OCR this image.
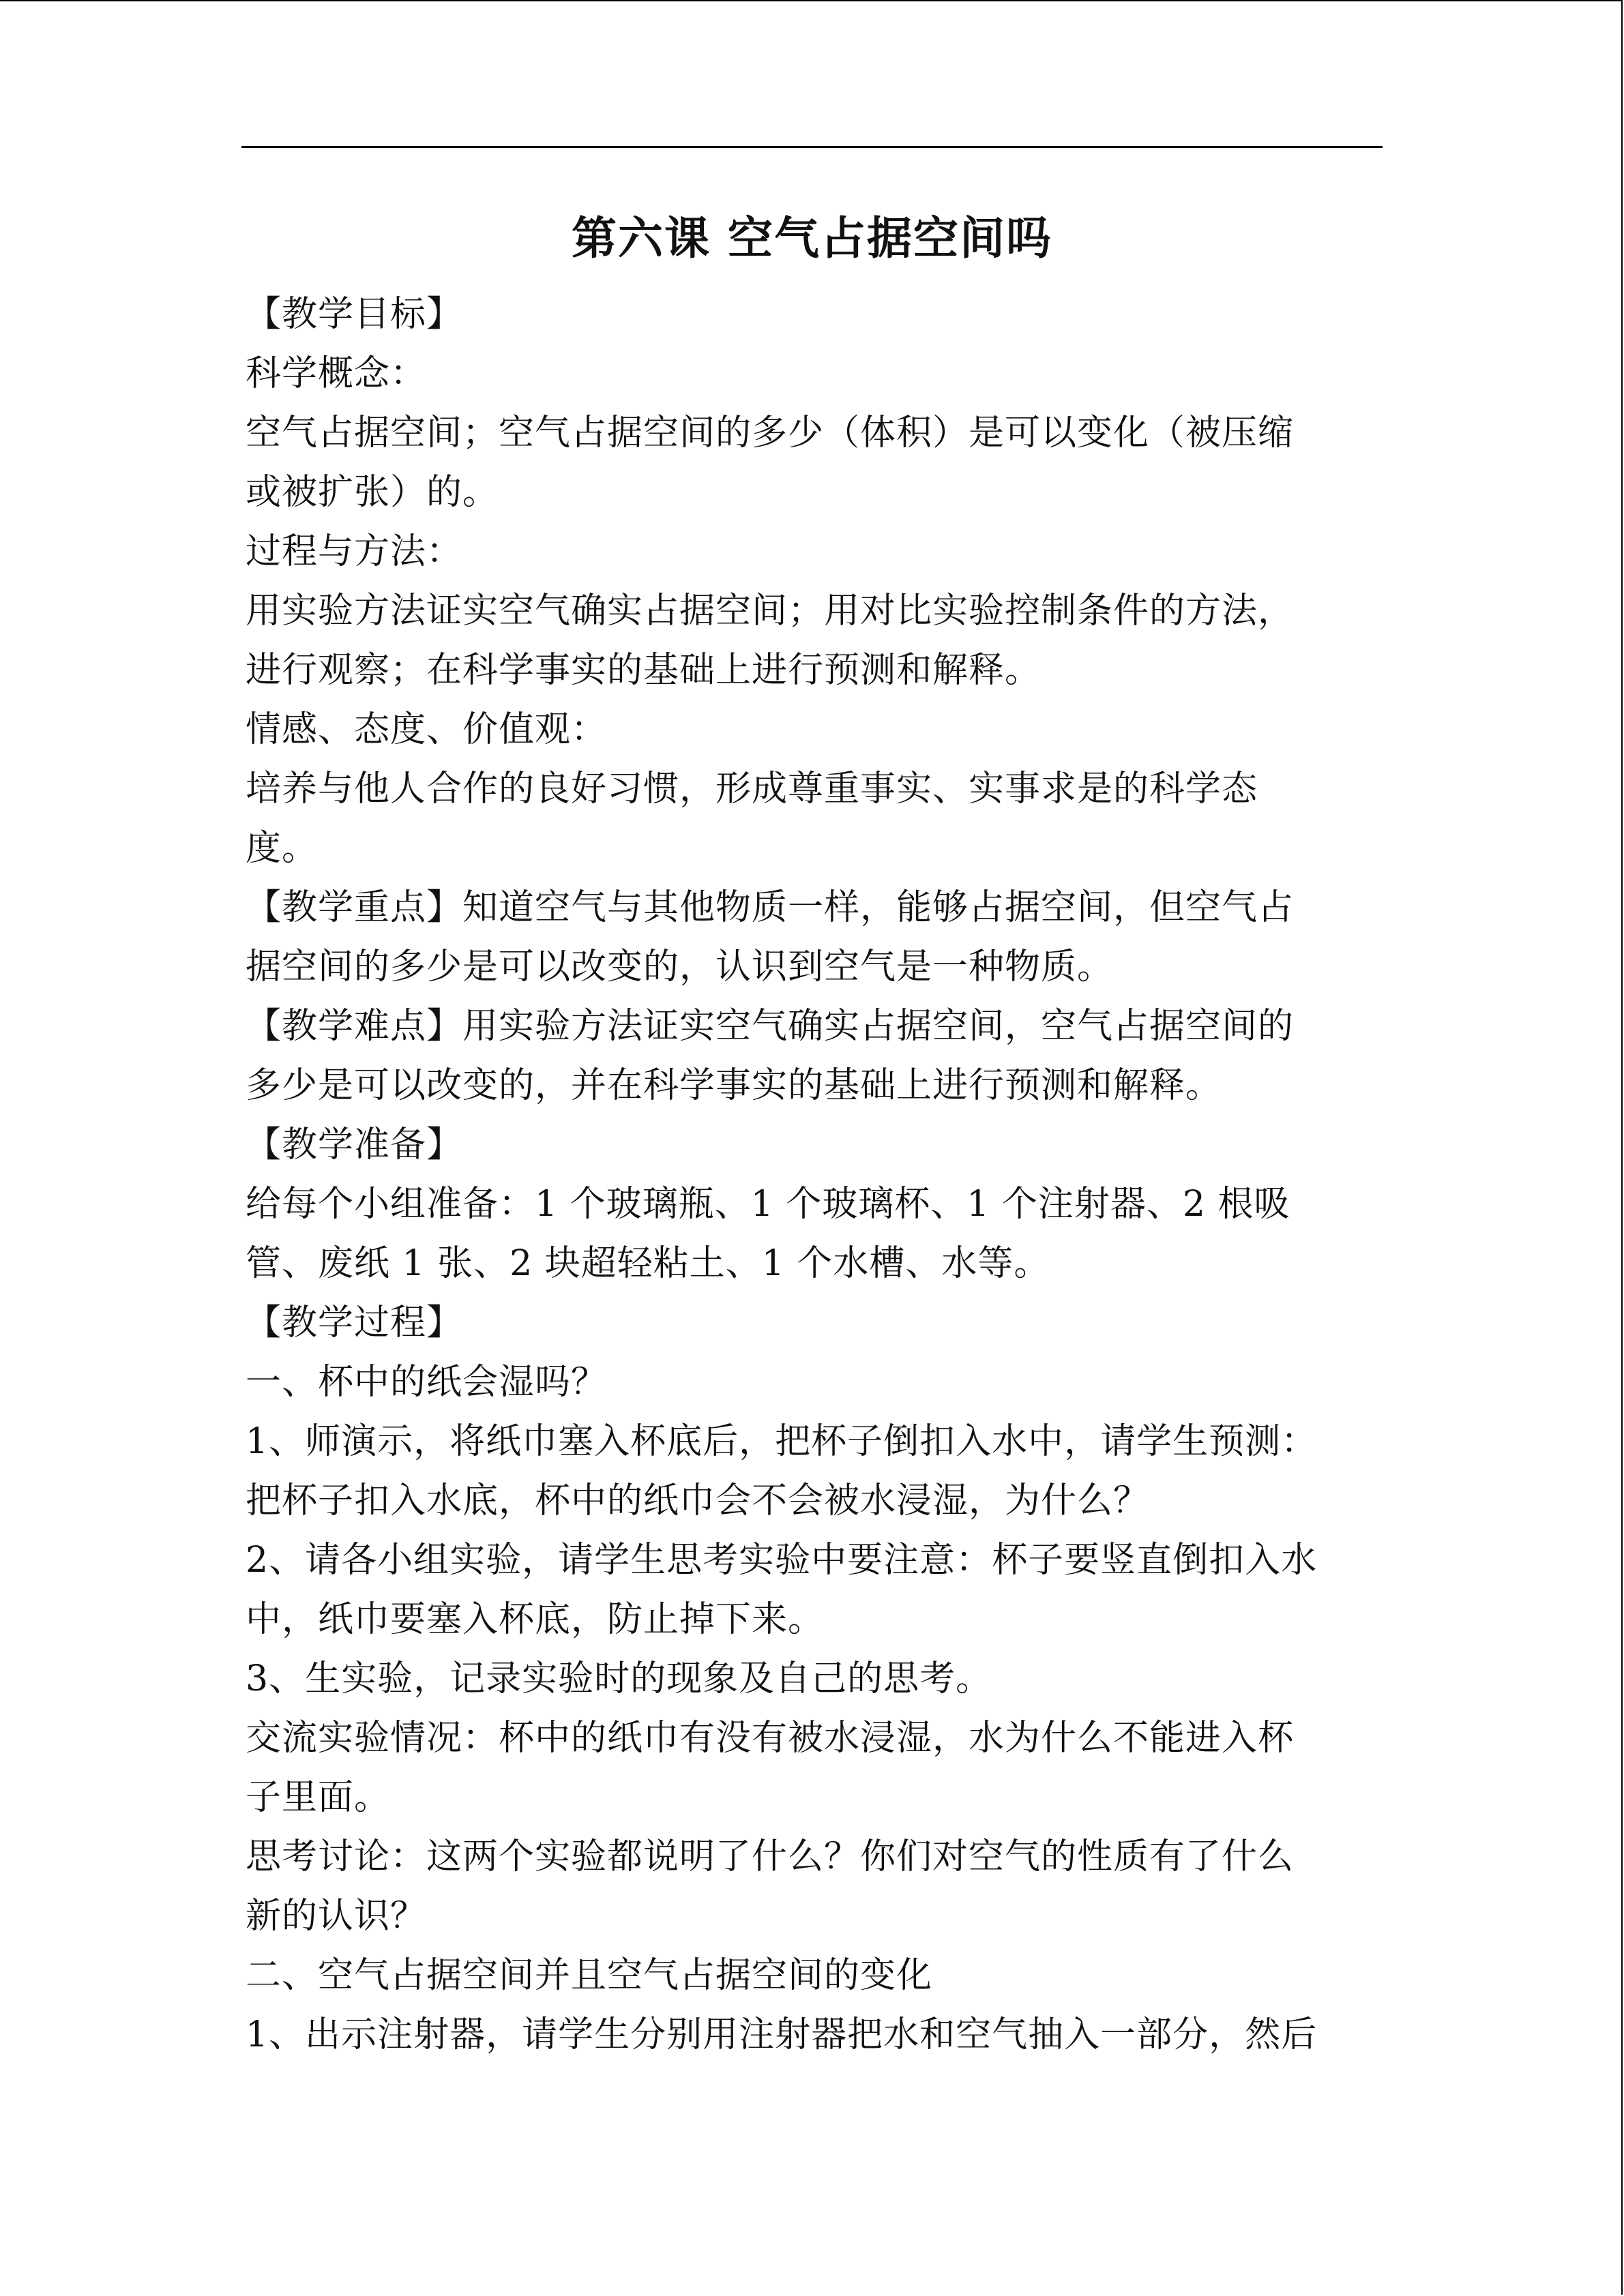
第六课 空气占据空间吗
【教学目标】
科学概念：
空气占据空间；空气占据空间的多少（体积）是可以变化（被压缩
或被扩张）的。
过程与方法：
用实验方法证实空气确实占据空间；用对比实验控制条件的方法，
进行观察；在科学事实的基础上进行预测和解释。
情感、态度、价值观：
培养与他人合作的良好习惯，形成尊重事实、实事求是的科学态
度。
【教学重点】知道空气与其他物质一样，能够占据空间，但空气占
据空间的多少是可以改变的，认识到空气是一种物质。
【教学难点】用实验方法证实空气确实占据空间，空气占据空间的
多少是可以改变的，并在科学事实的基础上进行预测和解释。
【教学准备】
给每个小组准备：1 个玻璃瓶、1 个玻璃杯、1 个注射器、2 根吸
管、废纸 1 张、2 块超轻粘土、1 个水槽、水等。
【教学过程】
一、杯中的纸会湿吗？
1、师演示，将纸巾塞入杯底后，把杯子倒扣入水中，请学生预测：
把杯子扣入水底，杯中的纸巾会不会被水浸湿，为什么？
2、请各小组实验，请学生思考实验中要注意：杯子要竖直倒扣入水
中，纸巾要塞入杯底，防止掉下来。
3、生实验，记录实验时的现象及自己的思考。
交流实验情况：杯中的纸巾有没有被水浸湿，水为什么不能进入杯
子里面。
思考讨论：这两个实验都说明了什么？你们对空气的性质有了什么
新的认识？
二、空气占据空间并且空气占据空间的变化
1、出示注射器，请学生分别用注射器把水和空气抽入一部分，然后
